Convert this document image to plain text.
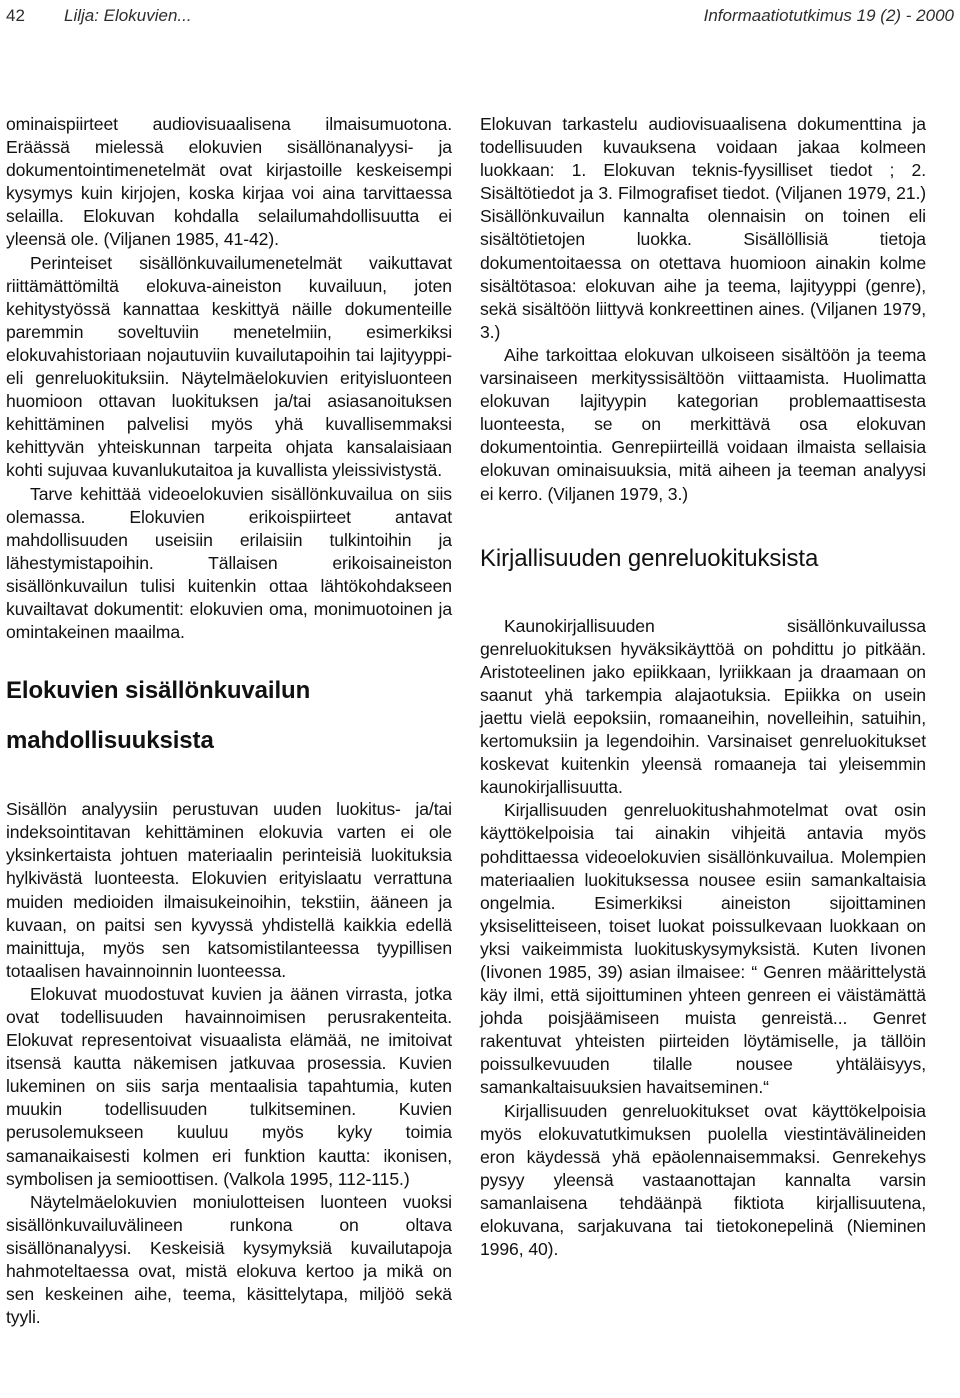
42 Lilja: Elokuvien...	Informaatiotutkimus 19 (2) - 2000

ominaispiirteet audiovisuaalisena ilmaisumuotona. Eräässä mielessä elokuvien sisällönanalyysi- ja dokumentointimenetelmät ovat kirjastoille keskeisempi kysymys kuin kirjojen, koska kirjaa voi aina tarvittaessa selailla. Elokuvan kohdalla selailumahdollisuutta ei yleensä ole. (Viljanen 1985, 41-42).

Perinteiset sisällönkuvailumenetelmät vaikuttavat riittämättömiltä elokuva-aineiston kuvailuun, joten kehitystyössä kannattaa keskittyä näille dokumenteille paremmin soveltuviin menetelmiin, esimerkiksi elokuvahistoriaan nojautuviin kuvailutapoihin tai lajityyppi- eli genreluokituksiin. Näytelmäelokuvien erityisluonteen huomioon ottavan luokituksen ja/tai asiasanoituksen kehittäminen palvelisi myös yhä kuvallisemmaksi kehittyvän yhteiskunnan tarpeita ohjata kansalaisiaan kohti sujuvaa kuvanlukutaitoa ja kuvallista yleissivistystä.

Tarve kehittää videoelokuvien sisällönkuvailua on siis olemassa. Elokuvien erikoispiirteet antavat mahdollisuuden useisiin erilaisiin tulkintoihin ja lähestymistapoihin. Tällaisen erikoisaineiston sisällönkuvailun tulisi kuitenkin ottaa lähtökohdakseen kuvailtavat dokumentit: elokuvien oma, monimuotoinen ja omintakeinen maailma.

Elokuvien sisällönkuvailun mahdollisuuksista

Sisällön analyysiin perustuvan uuden luokitus- ja/tai indeksointitavan kehittäminen elokuvia varten ei ole yksinkertaista johtuen materiaalin perinteisiä luokituksia hylkivästä luonteesta. Elokuvien erityislaatu verrattuna muiden medioiden ilmaisukeinoihin, tekstiin, ääneen ja kuvaan, on paitsi sen kyvyssä yhdistellä kaikkia edellä mainittuja, myös sen katsomistilanteessa tyypillisen totaalisen havainnoinnin luonteessa.

Elokuvat muodostuvat kuvien ja äänen virrasta, jotka ovat todellisuuden havainnoimisen perusrakenteita. Elokuvat representoivat visuaalista elämää, ne imitoivat itsensä kautta näkemisen jatkuvaa prosessia. Kuvien lukeminen on siis sarja mentaalisia tapahtumia, kuten muukin todellisuuden tulkitseminen. Kuvien perusolemukseen kuuluu myös kyky toimia samanaikaisesti kolmen eri funktion kautta: ikonisen, symbolisen ja semioottisen. (Valkola 1995, 112-115.)

Näytelmäelokuvien moniulotteisen luonteen vuoksi sisällönkuvailuvälineen runkona on oltava sisällönanalyysi. Keskeisiä kysymyksiä kuvailutapoja hahmoteltaessa ovat, mistä elokuva kertoo ja mikä on sen keskeinen aihe, teema, käsittelytapa, miljöö sekä tyyli.

Elokuvan tarkastelu audiovisuaalisena dokumenttina ja todellisuuden kuvauksena voidaan jakaa kolmeen luokkaan: 1. Elokuvan teknis-fyysilliset tiedot ; 2. Sisältötiedot ja 3. Filmografiset tiedot. (Viljanen 1979, 21.) Sisällönkuvailun kannalta olennaisin on toinen eli sisältötietojen luokka. Sisällöllisiä tietoja dokumentoitaessa on otettava huomioon ainakin kolme sisältötasoa: elokuvan aihe ja teema, lajityyppi (genre), sekä sisältöön liittyvä konkreettinen aines. (Viljanen 1979, 3.)

Aihe tarkoittaa elokuvan ulkoiseen sisältöön ja teema varsinaiseen merkityssisältöön viittaamista. Huolimatta elokuvan lajityypin kategorian problemaattisesta luonteesta, se on merkittävä osa elokuvan dokumentointia. Genrepiirteillä voidaan ilmaista sellaisia elokuvan ominaisuuksia, mitä aiheen ja teeman analyysi ei kerro. (Viljanen 1979, 3.)

Kirjallisuuden genreluokituksista

Kaunokirjallisuuden sisällönkuvailussa genreluokituksen hyväksikäyttöä on pohdittu jo pitkään. Aristoteelinen jako epiikkaan, lyriikkaan ja draamaan on saanut yhä tarkempia alajaotuksia. Epiikka on usein jaettu vielä eepoksiin, romaaneihin, novelleihin, satuihin, kertomuksiin ja legendoihin. Varsinaiset genreluokitukset koskevat kuitenkin yleensä romaaneja tai yleisemmin kaunokirjallisuutta.

Kirjallisuuden genreluokitushahmotelmat ovat osin käyttökelpoisia tai ainakin vihjeitä antavia myös pohdittaessa videoelokuvien sisällönkuvailua. Molempien materiaalien luokituksessa nousee esiin samankaltaisia ongelmia. Esimerkiksi aineiston sijoittaminen yksiselitteiseen, toiset luokat poissulkevaan luokkaan on yksi vaikeimmista luokituskysymyksistä. Kuten Iivonen (Iivonen 1985, 39) asian ilmaisee: “ Genren määrittelystä käy ilmi, että sijoittuminen yhteen genreen ei väistämättä johda poisjäämiseen muista genreistä... Genret rakentuvat yhteisten piirteiden löytämiselle, ja tällöin poissulkevuuden tilalle nousee yhtäläisyys, samankaltaisuuksien havaitseminen.“

Kirjallisuuden genreluokitukset ovat käyttökelpoisia myös elokuvatutkimuksen puolella viestintävälineiden eron käydessä yhä epäolennaisemmaksi. Genrekehys pysyy yleensä vastaanottajan kannalta varsin samanlaisena tehdäänpä fiktiota kirjallisuutena, elokuvana, sarjakuvana tai tietokonepelinä (Nieminen 1996, 40).
